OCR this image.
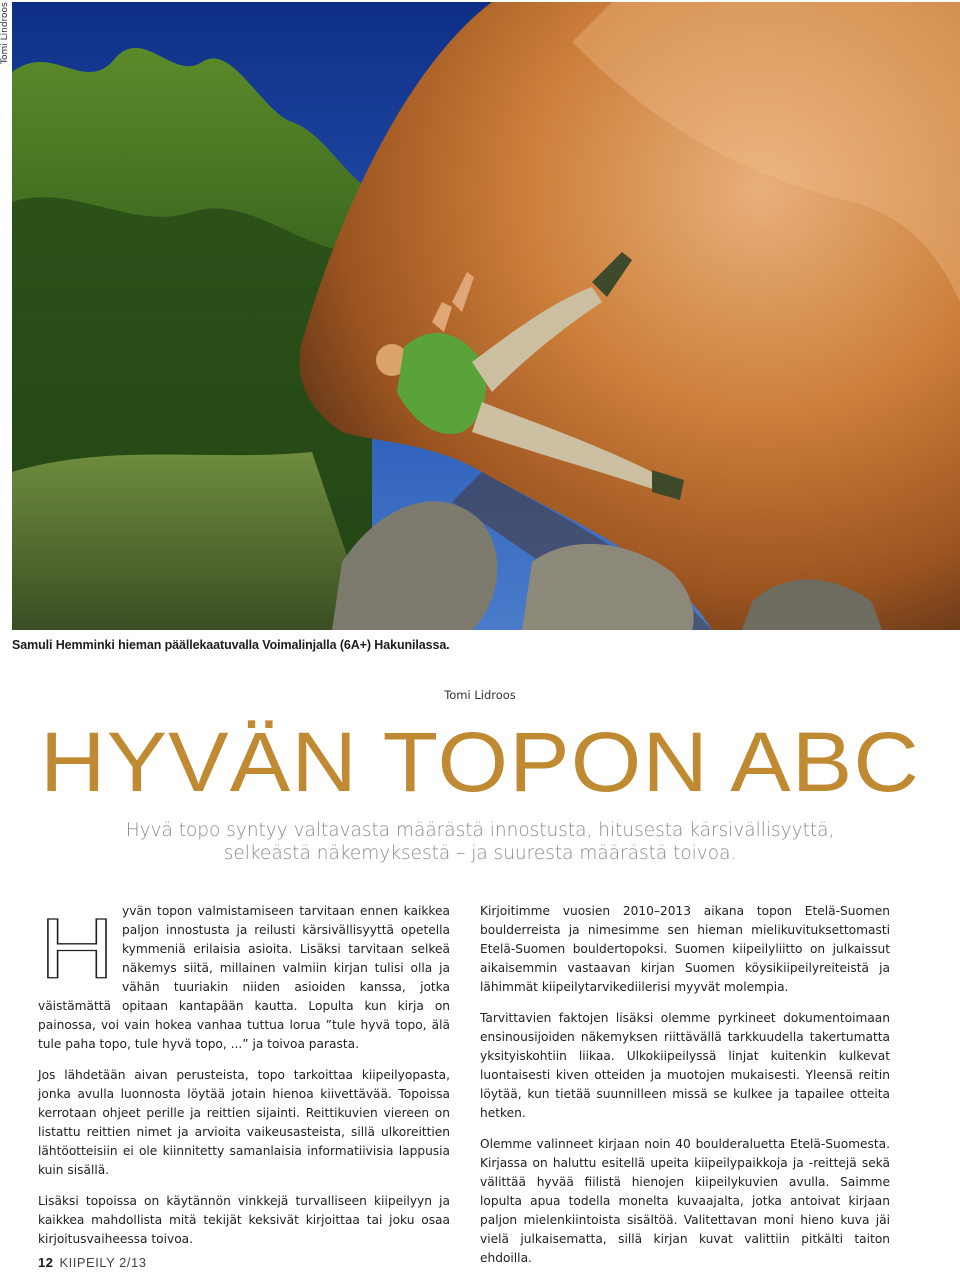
Tomi Lindroos
Samuli Hemminki hieman päällekaatuvalla Voimalinjalla (6A+) Hakunilassa.
Tomi Lidroos
HYVÄN TOPON ABC
Hyvä topo syntyy valtavasta määrästä innostusta, hitusesta kärsivällisyyttä,
selkeästä näkemyksestä – ja suuresta määrästä toivoa.
H yvän topon valmistamiseen tarvitaan ennen kaikkea paljon innostusta ja reilusti kärsivällisyyttä opetella kymmeniä erilaisia asioita. Lisäksi tarvitaan selkeä näkemys siitä, millainen valmiin kirjan tulisi olla ja vähän tuuriakin niiden asioiden kanssa, jotka väistämättä opitaan kantapään kautta. Lopulta kun kirja on painossa, voi vain hokea vanhaa tuttua lorua ”tule hyvä topo, älä tule paha topo, tule hyvä topo, ...” ja toivoa parasta.

Jos lähdetään aivan perusteista, topo tarkoittaa kiipeilyopasta, jonka avulla luonnosta löytää jotain hienoa kiivettävää. Topoissa kerrotaan ohjeet perille ja reittien sijainti. Reittikuvien viereen on listattu reittien nimet ja arvioita vaikeusasteista, sillä ulkoreittien lähtöotteisiin ei ole kiinnitetty samanlaisia informatiivisia lappusia kuin sisällä.

Lisäksi topoissa on käytännön vinkkejä turvalliseen kiipeilyyn ja kaikkea mahdollista mitä tekijät keksivät kirjoittaa tai joku osaa kirjoitusvaiheessa toivoa.

Kirjoitimme vuosien 2010–2013 aikana topon Etelä-Suomen boulderreista ja nimesimme sen hieman mielikuvituksettomasti Etelä-Suomen bouldertopoksi. Suomen kiipeilyliitto on julkaissut aikaisemmin vastaavan kirjan Suomen köysikiipeilyreiteistä ja lähimmät kiipeilytarvikediilerisi myyvät molempia.

Tarvittavien faktojen lisäksi olemme pyrkineet dokumentoimaan ensinousijoiden näkemyksen riittävällä tarkkuudella takertumatta yksityiskohtiin liikaa. Ulkokiipeilyssä linjat kuitenkin kulkevat luontaisesti kiven otteiden ja muotojen mukaisesti. Yleensä reitin löytää, kun tietää suunnilleen missä se kulkee ja tapailee otteita hetken.

Olemme valinneet kirjaan noin 40 boulderaluetta Etelä-Suomesta. Kirjassa on haluttu esitellä upeita kiipeilypaikkoja ja -reittejä sekä välittää hyvää fiilistä hienojen kiipeilykuvien avulla. Saimme lopulta apua todella monelta kuvaajalta, jotka antoivat kirjaan paljon mielenkiintoista sisältöä. Valitettavan moni hieno kuva jäi vielä julkaisematta, sillä kirjan kuvat valittiin pitkälti taiton ehdoilla.

12 KIIPEILY 2/13
